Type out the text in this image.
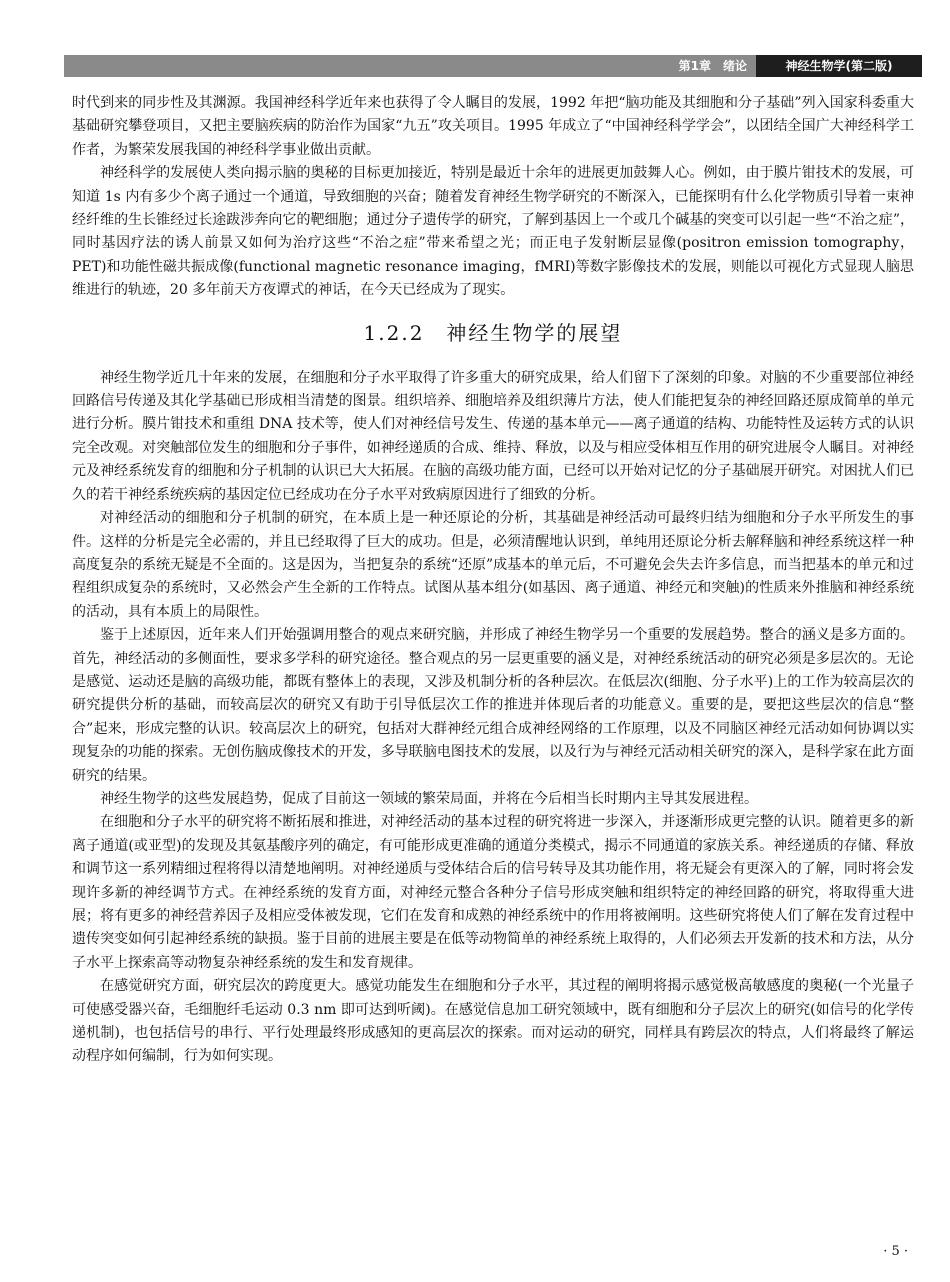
第1章　绪论	神经生物学(第二版)

时代到来的同步性及其渊源。我国神经科学近年来也获得了令人瞩目的发展，1992 年把“脑功能及其细胞和分子基础”列入国家科委重大基础研究攀登项目，又把主要脑疾病的防治作为国家“九五”攻关项目。1995 年成立了“中国神经科学学会”，以团结全国广大神经科学工作者，为繁荣发展我国的神经科学事业做出贡献。

神经科学的发展使人类向揭示脑的奥秘的目标更加接近，特别是最近十余年的进展更加鼓舞人心。例如，由于膜片钳技术的发展，可知道 1s 内有多少个离子通过一个通道，导致细胞的兴奋；随着发育神经生物学研究的不断深入，已能探明有什么化学物质引导着一束神经纤维的生长锥经过长途跋涉奔向它的靶细胞；通过分子遗传学的研究，了解到基因上一个或几个碱基的突变可以引起一些“不治之症”，同时基因疗法的诱人前景又如何为治疗这些“不治之症”带来希望之光；而正电子发射断层显像(positron emission tomography，PET)和功能性磁共振成像(functional magnetic resonance imaging，fMRI)等数字影像技术的发展，则能以可视化方式显现人脑思维进行的轨迹，20 多年前天方夜谭式的神话，在今天已经成为了现实。

1.2.2　神经生物学的展望

神经生物学近几十年来的发展，在细胞和分子水平取得了许多重大的研究成果，给人们留下了深刻的印象。对脑的不少重要部位神经回路信号传递及其化学基础已形成相当清楚的图景。组织培养、细胞培养及组织薄片方法，使人们能把复杂的神经回路还原成简单的单元进行分析。膜片钳技术和重组 DNA 技术等，使人们对神经信号发生、传递的基本单元——离子通道的结构、功能特性及运转方式的认识完全改观。对突触部位发生的细胞和分子事件，如神经递质的合成、维持、释放，以及与相应受体相互作用的研究进展令人瞩目。对神经元及神经系统发育的细胞和分子机制的认识已大大拓展。在脑的高级功能方面，已经可以开始对记忆的分子基础展开研究。对困扰人们已久的若干神经系统疾病的基因定位已经成功在分子水平对致病原因进行了细致的分析。

对神经活动的细胞和分子机制的研究，在本质上是一种还原论的分析，其基础是神经活动可最终归结为细胞和分子水平所发生的事件。这样的分析是完全必需的，并且已经取得了巨大的成功。但是，必须清醒地认识到，单纯用还原论分析去解释脑和神经系统这样一种高度复杂的系统无疑是不全面的。这是因为，当把复杂的系统“还原”成基本的单元后，不可避免会失去许多信息，而当把基本的单元和过程组织成复杂的系统时，又必然会产生全新的工作特点。试图从基本组分(如基因、离子通道、神经元和突触)的性质来外推脑和神经系统的活动，具有本质上的局限性。

鉴于上述原因，近年来人们开始强调用整合的观点来研究脑，并形成了神经生物学另一个重要的发展趋势。整合的涵义是多方面的。首先，神经活动的多侧面性，要求多学科的研究途径。整合观点的另一层更重要的涵义是，对神经系统活动的研究必须是多层次的。无论是感觉、运动还是脑的高级功能，都既有整体上的表现，又涉及机制分析的各种层次。在低层次(细胞、分子水平)上的工作为较高层次的研究提供分析的基础，而较高层次的研究又有助于引导低层次工作的推进并体现后者的功能意义。重要的是，要把这些层次的信息“整合”起来，形成完整的认识。较高层次上的研究，包括对大群神经元组合成神经网络的工作原理，以及不同脑区神经元活动如何协调以实现复杂的功能的探索。无创伤脑成像技术的开发，多导联脑电图技术的发展，以及行为与神经元活动相关研究的深入，是科学家在此方面研究的结果。

神经生物学的这些发展趋势，促成了目前这一领域的繁荣局面，并将在今后相当长时期内主导其发展进程。

在细胞和分子水平的研究将不断拓展和推进，对神经活动的基本过程的研究将进一步深入，并逐渐形成更完整的认识。随着更多的新离子通道(或亚型)的发现及其氨基酸序列的确定，有可能形成更准确的通道分类模式，揭示不同通道的家族关系。神经递质的存储、释放和调节这一系列精细过程将得以清楚地阐明。对神经递质与受体结合后的信号转导及其功能作用，将无疑会有更深入的了解，同时将会发现许多新的神经调节方式。在神经系统的发育方面，对神经元整合各种分子信号形成突触和组织特定的神经回路的研究，将取得重大进展；将有更多的神经营养因子及相应受体被发现，它们在发育和成熟的神经系统中的作用将被阐明。这些研究将使人们了解在发育过程中遗传突变如何引起神经系统的缺损。鉴于目前的进展主要是在低等动物简单的神经系统上取得的，人们必须去开发新的技术和方法，从分子水平上探索高等动物复杂神经系统的发生和发育规律。

在感觉研究方面，研究层次的跨度更大。感觉功能发生在细胞和分子水平，其过程的阐明将揭示感觉极高敏感度的奥秘(一个光量子可使感受器兴奋，毛细胞纤毛运动 0.3 nm 即可达到听阈)。在感觉信息加工研究领域中，既有细胞和分子层次上的研究(如信号的化学传递机制)，也包括信号的串行、平行处理最终形成感知的更高层次的探索。而对运动的研究，同样具有跨层次的特点，人们将最终了解运动程序如何编制，行为如何实现。

· 5 ·
